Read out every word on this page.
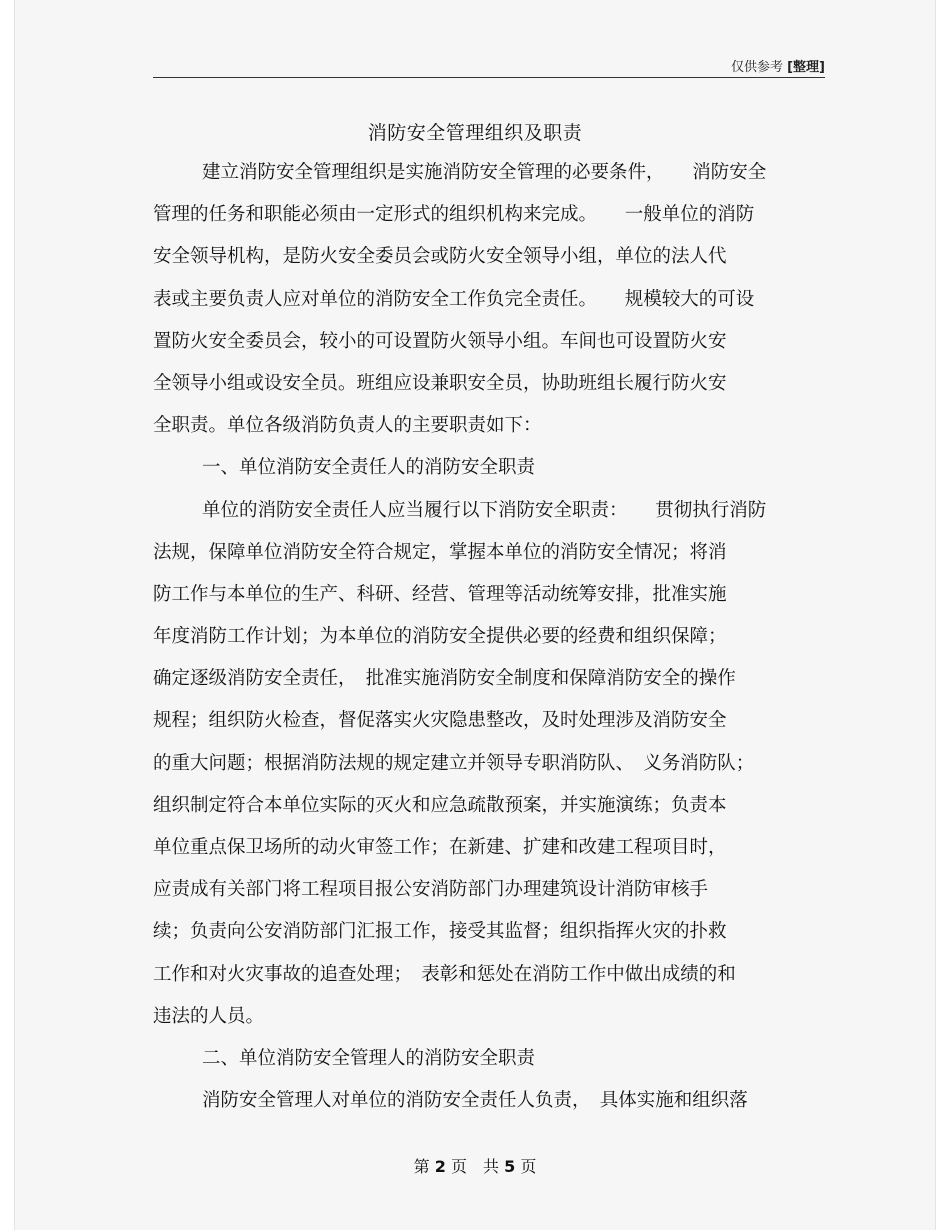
仅供参考 [整理]
消防安全管理组织及职责
建立消防安全管理组织是实施消防安全管理的必要条件，　　消防安全
管理的任务和职能必须由一定形式的组织机构来完成。　　一般单位的消防
安全领导机构，是防火安全委员会或防火安全领导小组，单位的法人代
表或主要负责人应对单位的消防安全工作负完全责任。　　规模较大的可设
置防火安全委员会，较小的可设置防火领导小组。车间也可设置防火安
全领导小组或设安全员。班组应设兼职安全员，协助班组长履行防火安
全职责。单位各级消防负责人的主要职责如下：
一、单位消防安全责任人的消防安全职责
单位的消防安全责任人应当履行以下消防安全职责：　　贯彻执行消防
法规，保障单位消防安全符合规定，掌握本单位的消防安全情况；将消
防工作与本单位的生产、科研、经营、管理等活动统筹安排，批准实施
年度消防工作计划；为本单位的消防安全提供必要的经费和组织保障；
确定逐级消防安全责任，　批准实施消防安全制度和保障消防安全的操作
规程；组织防火检查，督促落实火灾隐患整改，及时处理涉及消防安全
的重大问题；根据消防法规的规定建立并领导专职消防队、　义务消防队；
组织制定符合本单位实际的灭火和应急疏散预案，并实施演练；负责本
单位重点保卫场所的动火审签工作；在新建、扩建和改建工程项目时，
应责成有关部门将工程项目报公安消防部门办理建筑设计消防审核手
续；负责向公安消防部门汇报工作，接受其监督；组织指挥火灾的扑救
工作和对火灾事故的追查处理；　表彰和惩处在消防工作中做出成绩的和
违法的人员。
二、单位消防安全管理人的消防安全职责
消防安全管理人对单位的消防安全责任人负责，　具体实施和组织落
第 2 页　共 5 页
